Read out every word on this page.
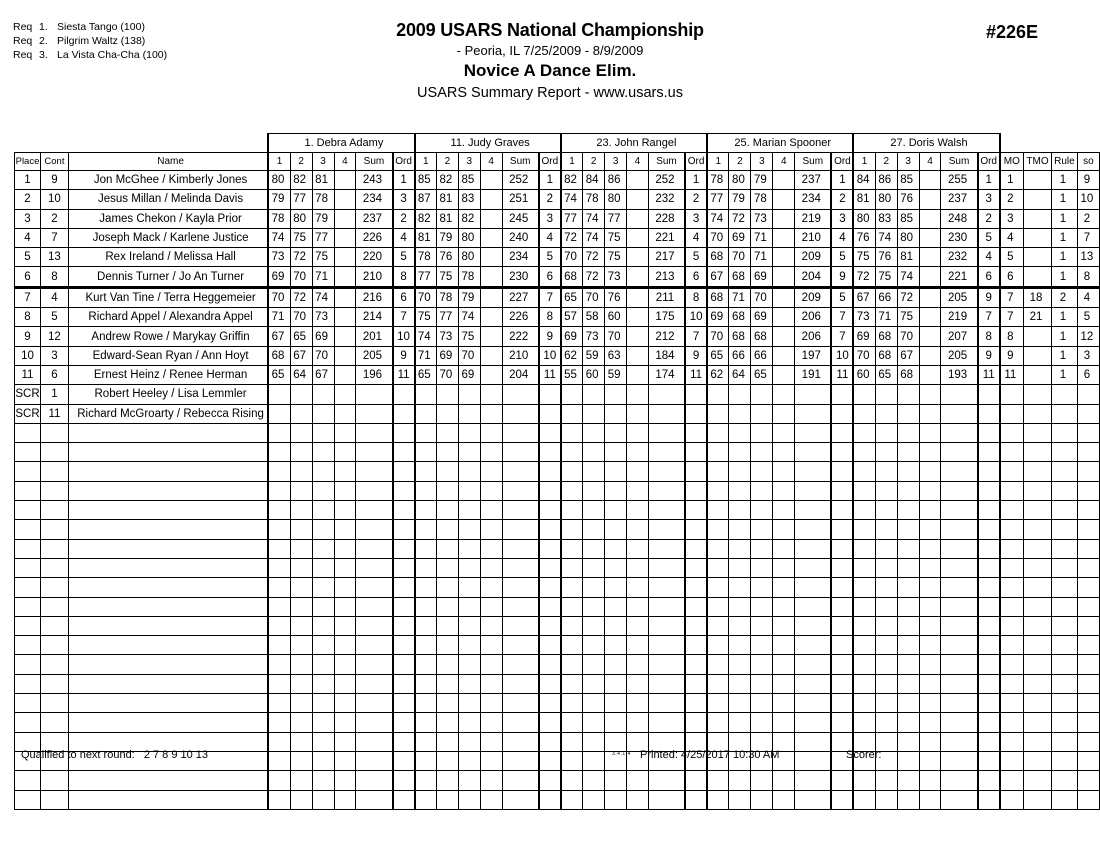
Req 1. Siesta Tango (100)
Req 2. Pilgrim Waltz (138)
Req 3. La Vista Cha-Cha (100)
2009 USARS National Championship
- Peoria, IL 7/25/2009 - 8/9/2009
Novice A Dance Elim.
USARS Summary Report - www.usars.us
#226E
			1. Debra Adamy						11. Judy Graves						23. John Rangel						25. Marian Spooner						27. Doris Walsh									
Place	Cont	Name	1	2	3	4	Sum	Ord	1	2	3	4	Sum	Ord	1	2	3	4	Sum	Ord	1	2	3	4	Sum	Ord	1	2	3	4	Sum	Ord	MO	TMO	Rule	so
1	9	Jon McGhee / Kimberly Jones	80	82	81		243	1	85	82	85		252	1	82	84	86		252	1	78	80	79		237	1	84	86	85		255	1	1		1	9
2	10	Jesus Millan / Melinda Davis	79	77	78		234	3	87	81	83		251	2	74	78	80		232	2	77	79	78		234	2	81	80	76		237	3	2		1	10
3	2	James Chekon / Kayla Prior	78	80	79		237	2	82	81	82		245	3	77	74	77		228	3	74	72	73		219	3	80	83	85		248	2	3		1	2
4	7	Joseph Mack / Karlene Justice	74	75	77		226	4	81	79	80		240	4	72	74	75		221	4	70	69	71		210	4	76	74	80		230	5	4		1	7
5	13	Rex Ireland / Melissa Hall	73	72	75		220	5	78	76	80		234	5	70	72	75		217	5	68	70	71		209	5	75	76	81		232	4	5		1	13
6	8	Dennis Turner / Jo An Turner	69	70	71		210	8	77	75	78		230	6	68	72	73		213	6	67	68	69		204	9	72	75	74		221	6	6		1	8
7	4	Kurt Van Tine / Terra Heggemeier	70	72	74		216	6	70	78	79		227	7	65	70	76		211	8	68	71	70		209	5	67	66	72		205	9	7	18	2	4
8	5	Richard Appel / Alexandra Appel	71	70	73		214	7	75	77	74		226	8	57	58	60		175	10	69	68	69		206	7	73	71	75		219	7	7	21	1	5
9	12	Andrew Rowe / Marykay Griffin	67	65	69		201	10	74	73	75		222	9	69	73	70		212	7	70	68	68		206	7	69	68	70		207	8	8		1	12
10	3	Edward-Sean Ryan / Ann Hoyt	68	67	70		205	9	71	69	70		210	10	62	59	63		184	9	65	66	66		197	10	70	68	67		205	9	9		1	3
11	6	Ernest Heinz / Renee Herman	65	64	67		196	11	65	70	69		204	11	55	60	59		174	11	62	64	65		191	11	60	65	68		193	11	11		1	6
SCR	1	Robert Heeley / Lisa Lemmler																																		
SCR	11	Richard McGroarty / Rebecca Rising																																		

Qualified to next round: 2 7 8 9 10 13	3.4.1.4 Printed: 4/25/2017 10:30 AM	Scorer:
